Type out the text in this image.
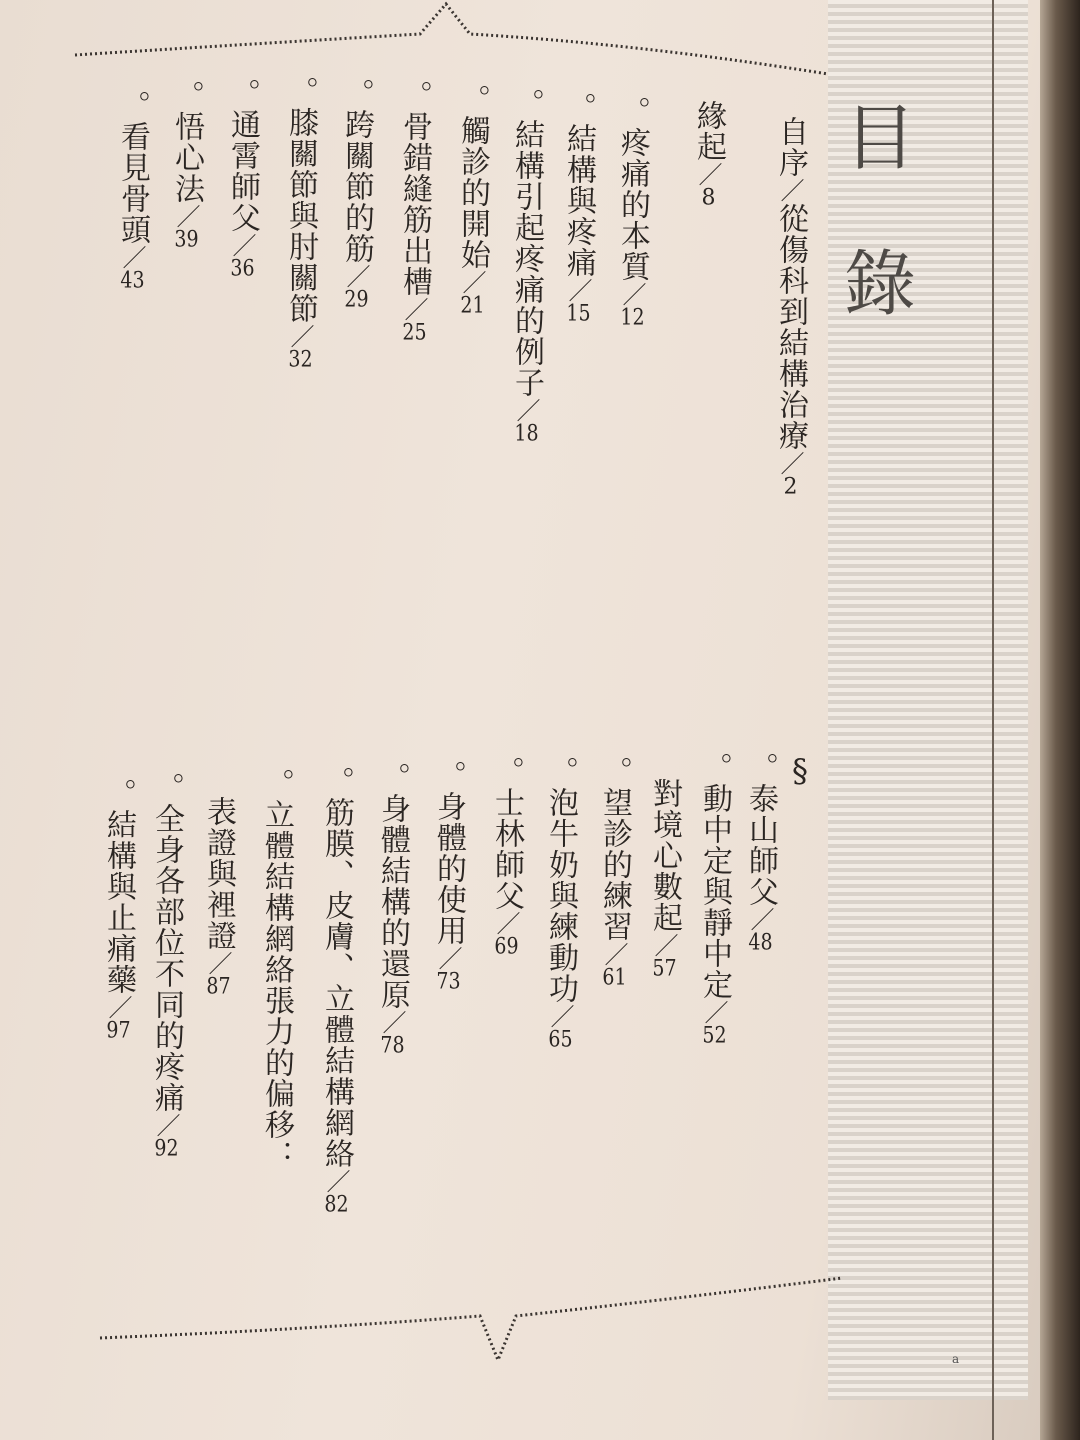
目
錄
§
自序／從傷科到結構治療／2
緣起／8
。疼痛的本質／12
。結構與疼痛／15
。結構引起疼痛的例子／18
。觸診的開始／21
。骨錯縫筋出槽／25
。跨關節的筋／29
。膝關節與肘關節／32
。通霄師父／36
。悟心法／39
。看見骨頭／43
。泰山師父／48
。動中定與靜中定／52
對境心數起／57
。望診的練習／61
。泡牛奶與練動功／65
。士林師父／69
。身體的使用／73
。身體結構的還原／78
。筋膜、皮膚、立體結構網絡／82
。立體結構網絡張力的偏移：
表證與裡證／87
。全身各部位不同的疼痛／92
。結構與止痛藥／97
a
